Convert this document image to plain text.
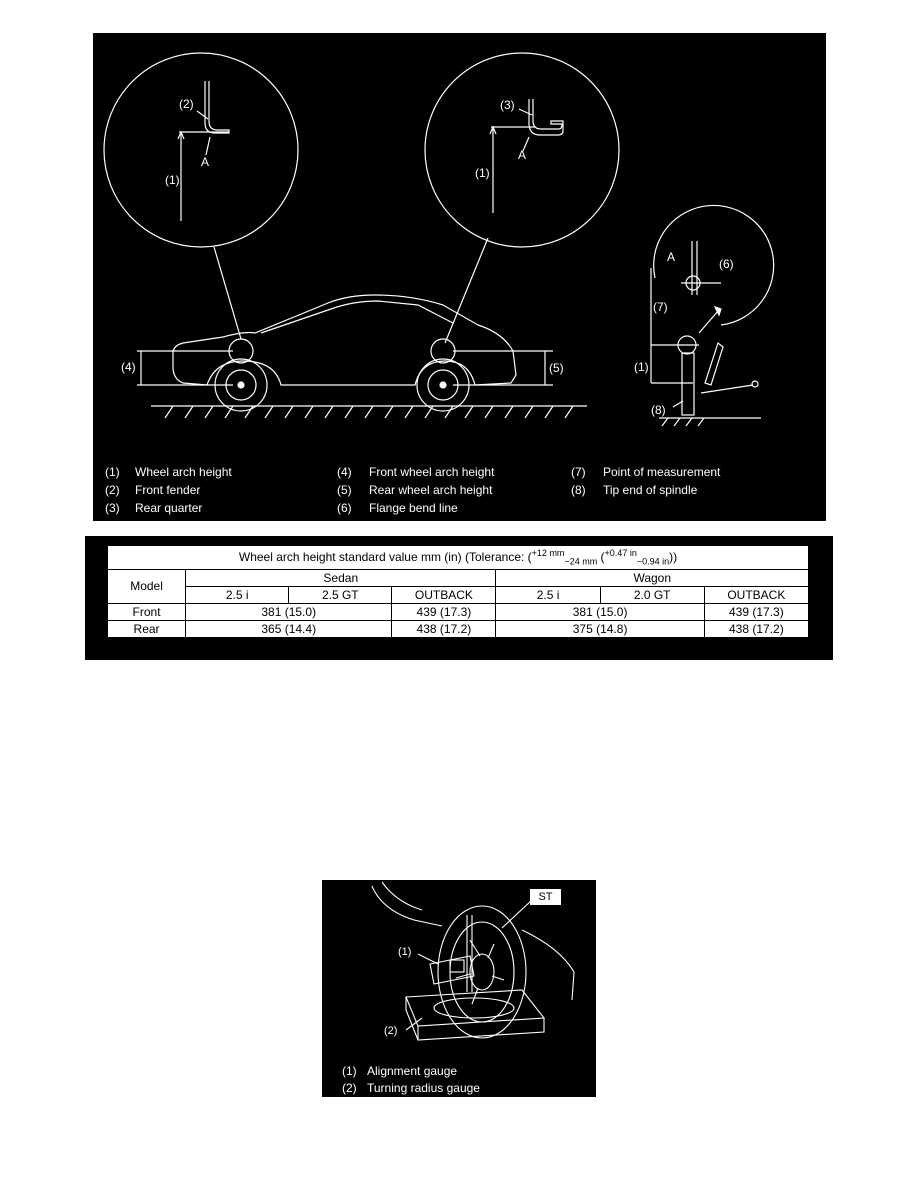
(2)
A
(1)
(3)
A
(1)
A	(6)
(7)
(1)
(8)
(4)	(5)
(1) Wheel arch height
(2) Front fender
(3) Rear quarter
(4) Front wheel arch height
(5) Rear wheel arch height
(6) Flange bend line
(7) Point of measurement
(8) Tip end of spindle
Wheel arch height standard value mm (in) (Tolerance: ($^{+12 mm}_{-24 mm}$ ($^{+0.47 in}_{-0.94 in}$))						
Model	Sedan			Wagon		
	2.5 i	2.5 GT	OUTBACK	2.5 i	2.0 GT	OUTBACK
Front	381 (15.0)		439 (17.3)	381 (15.0)		439 (17.3)
Rear	365 (14.4)		438 (17.2)	375 (14.8)		438 (17.2)
ST
(1)
(2)
(1) Alignment gauge
(2) Turning radius gauge
